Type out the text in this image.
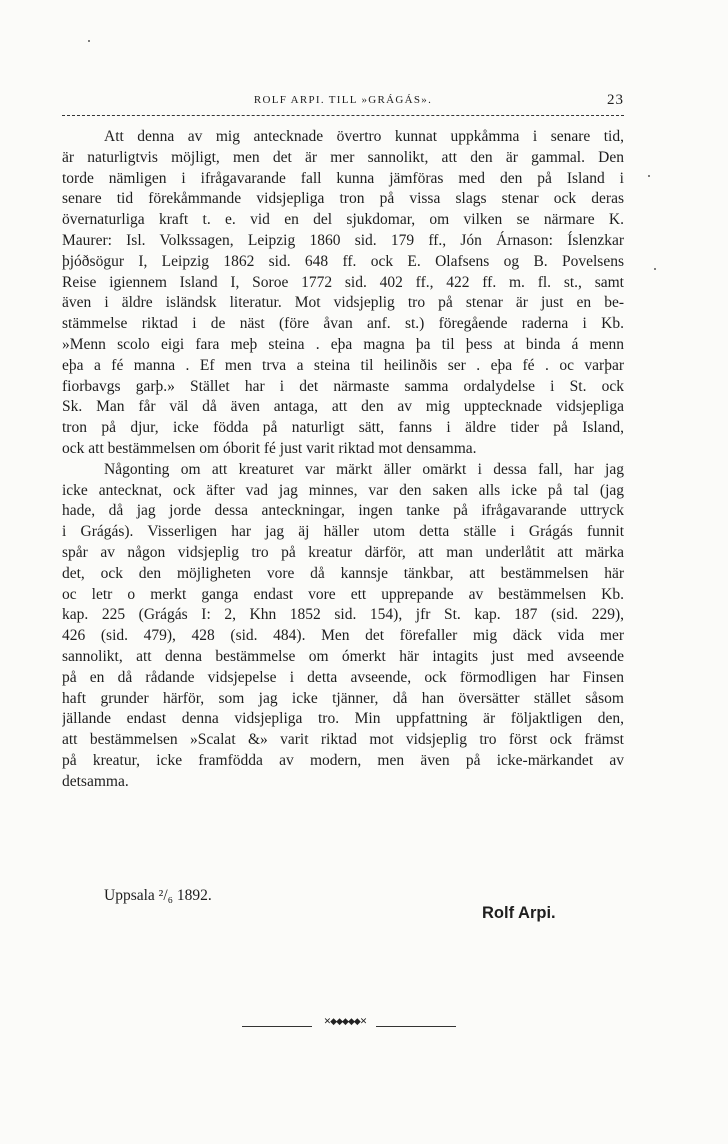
ROLF ARPI. TILL »GRÁGÁS».	23
Att denna av mig antecknade övertro kunnat uppkåmma i senare tid,
är naturligtvis möjligt, men det är mer sannolikt, att den är gammal. Den
torde nämligen i ifrågavarande fall kunna jämföras med den på Island i
senare tid förekåmmande vidsjepliga tron på vissa slags stenar ock deras
övernaturliga kraft t. e. vid en del sjukdomar, om vilken se närmare K.
Maurer: Isl. Volkssagen, Leipzig 1860 sid. 179 ff., Jón Árnason: Íslenzkar
þjóðsögur I, Leipzig 1862 sid. 648 ff. ock E. Olafsens og B. Povelsens
Reise igiennem Island I, Soroe 1772 sid. 402 ff., 422 ff. m. fl. st., samt
även i äldre isländsk literatur. Mot vidsjeplig tro på stenar är just en be-
stämmelse riktad i de näst (före åvan anf. st.) föregående raderna i Kb.
»Menn scolo eigi fara meþ steina . eþa magna þa til þess at binda á menn
eþa a fé manna . Ef men trva a steina til heilinðis ser . eþa fé . oc varþar
fiorbavgs garþ.» Stället har i det närmaste samma ordalydelse i St. ock
Sk. Man får väl då även antaga, att den av mig upptecknade vidsjepliga
tron på djur, icke födda på naturligt sätt, fanns i äldre tider på Island,
ock att bestämmelsen om óborit fé just varit riktad mot densamma.
Någonting om att kreaturet var märkt äller omärkt i dessa fall, har jag
icke antecknat, ock äfter vad jag minnes, var den saken alls icke på tal (jag
hade, då jag jorde dessa anteckningar, ingen tanke på ifrågavarande uttryck
i Grágás). Visserligen har jag äj häller utom detta ställe i Grágás funnit
spår av någon vidsjeplig tro på kreatur därför, att man underlåtit att märka
det, ock den möjligheten vore då kannsje tänkbar, att bestämmelsen här
oc letr o merkt ganga endast vore ett upprepande av bestämmelsen Kb.
kap. 225 (Grágás I: 2, Khn 1852 sid. 154), jfr St. kap. 187 (sid. 229),
426 (sid. 479), 428 (sid. 484). Men det förefaller mig däck vida mer
sannolikt, att denna bestämmelse om ómerkt här intagits just med avseende
på en då rådande vidsjepelse i detta avseende, ock förmodligen har Finsen
haft grunder härför, som jag icke tjänner, då han översätter stället såsom
jällande endast denna vidsjepliga tro. Min uppfattning är följaktligen den,
att bestämmelsen »Scalat &» varit riktad mot vidsjeplig tro först ock främst
på kreatur, icke framfödda av modern, men även på icke-märkandet av
detsamma.
Uppsala ²/₆ 1892.
Rolf Arpi.
✕◆◆◆◆◆✕
